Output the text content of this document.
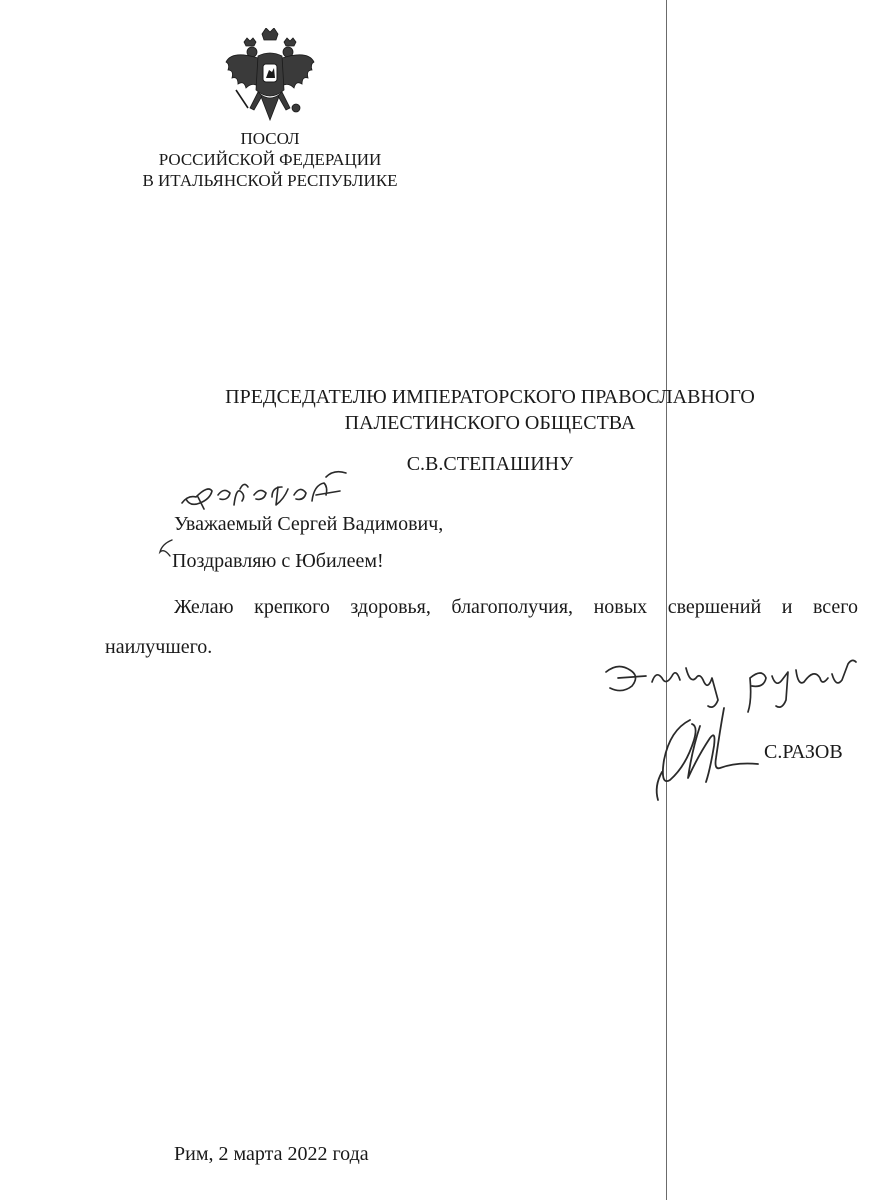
ПОСОЛ
РОССИЙСКОЙ ФЕДЕРАЦИИ
В ИТАЛЬЯНСКОЙ РЕСПУБЛИКЕ
ПРЕДСЕДАТЕЛЮ ИМПЕРАТОРСКОГО ПРАВОСЛАВНОГО
ПАЛЕСТИНСКОГО ОБЩЕСТВА
С.В.СТЕПАШИНУ
Уважаемый Сергей Вадимович,
Поздравляю с Юбилеем!
Желаю крепкого здоровья, благополучия, новых свершений и всего наилучшего.
С.РАЗОВ
Рим, 2 марта 2022 года
